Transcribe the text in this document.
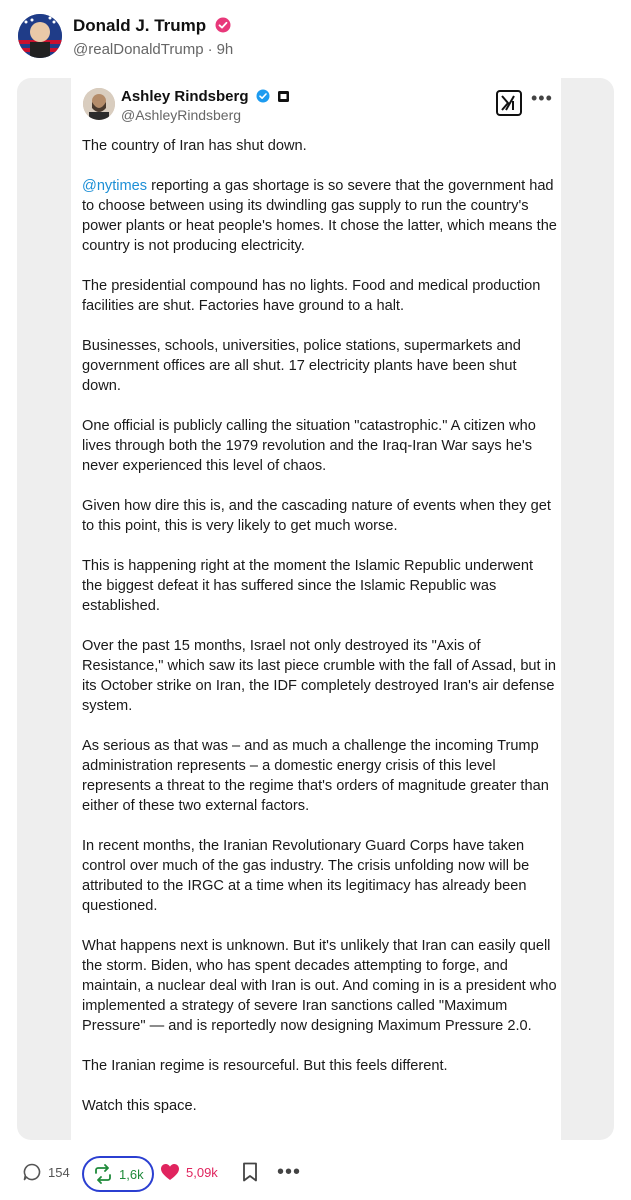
Donald J. Trump
@realDonaldTrump · 9h
Ashley Rindsberg
@AshleyRindsberg
•••

The country of Iran has shut down.

@nytimes reporting a gas shortage is so severe that the government had to choose between using its dwindling gas supply to run the country's power plants or heat people's homes. It chose the latter, which means the country is not producing electricity.

The presidential compound has no lights. Food and medical production facilities are shut. Factories have ground to a halt.

Businesses, schools, universities, police stations, supermarkets and government offices are all shut. 17 electricity plants have been shut down.

One official is publicly calling the situation "catastrophic." A citizen who lives through both the 1979 revolution and the Iraq-Iran War says he's never experienced this level of chaos.

Given how dire this is, and the cascading nature of events when they get to this point, this is very likely to get much worse.

This is happening right at the moment the Islamic Republic underwent the biggest defeat it has suffered since the Islamic Republic was established.

Over the past 15 months, Israel not only destroyed its "Axis of Resistance," which saw its last piece crumble with the fall of Assad, but in its October strike on Iran, the IDF completely destroyed Iran's air defense system.

As serious as that was – and as much a challenge the incoming Trump administration represents – a domestic energy crisis of this level represents a threat to the regime that's orders of magnitude greater than either of these two external factors.

In recent months, the Iranian Revolutionary Guard Corps have taken control over much of the gas industry. The crisis unfolding now will be attributed to the IRGC at a time when its legitimacy has already been questioned.

What happens next is unknown. But it's unlikely that Iran can easily quell the storm. Biden, who has spent decades attempting to forge, and maintain, a nuclear deal with Iran is out. And coming in is a president who implemented a strategy of severe Iran sanctions called "Maximum Pressure" — and is reportedly now designing Maximum Pressure 2.0.

The Iranian regime is resourceful. But this feels different.

Watch this space.

154	1,6k	5,09k	•••
